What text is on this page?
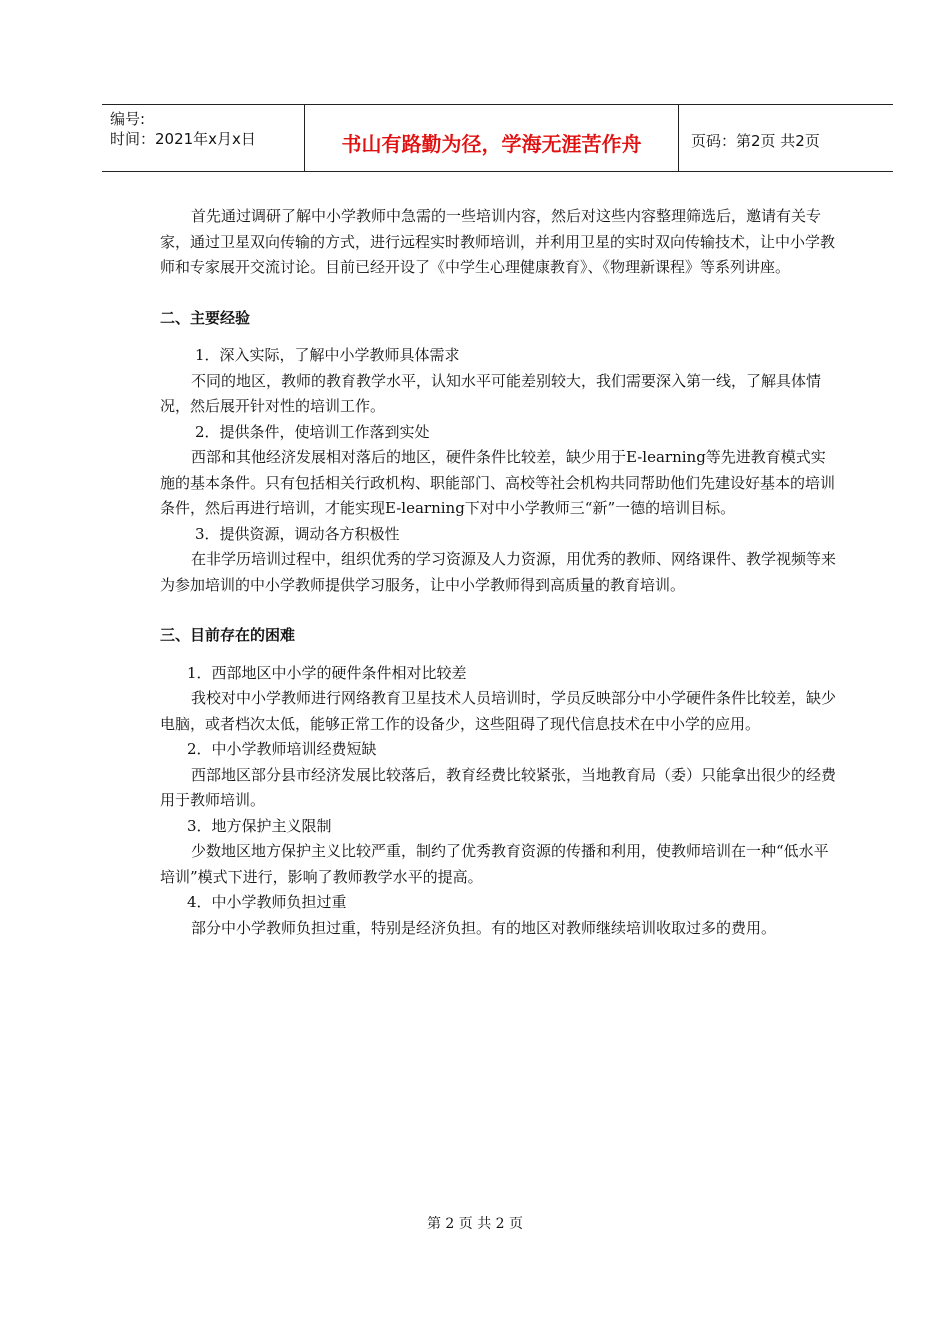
编号:
时间：2021年x月x日	书山有路勤为径，学海无涯苦作舟	页码：第2页 共2页

首先通过调研了解中小学教师中急需的一些培训内容，然后对这些内容整理筛选后，邀请有关专家，通过卫星双向传输的方式，进行远程实时教师培训，并利用卫星的实时双向传输技术，让中小学教师和专家展开交流讨论。目前已经开设了《中学生心理健康教育》、《物理新课程》等系列讲座。

二、主要经验

1．深入实际，了解中小学教师具体需求

不同的地区，教师的教育教学水平，认知水平可能差别较大，我们需要深入第一线，了解具体情况，然后展开针对性的培训工作。

2．提供条件，使培训工作落到实处

西部和其他经济发展相对落后的地区，硬件条件比较差，缺少用于E-learning等先进教育模式实施的基本条件。只有包括相关行政机构、职能部门、高校等社会机构共同帮助他们先建设好基本的培训条件，然后再进行培训，才能实现E-learning下对中小学教师三“新”一德的培训目标。

3．提供资源，调动各方积极性

在非学历培训过程中，组织优秀的学习资源及人力资源，用优秀的教师、网络课件、教学视频等来为参加培训的中小学教师提供学习服务，让中小学教师得到高质量的教育培训。

三、目前存在的困难

1．西部地区中小学的硬件条件相对比较差

我校对中小学教师进行网络教育卫星技术人员培训时，学员反映部分中小学硬件条件比较差，缺少电脑，或者档次太低，能够正常工作的设备少，这些阻碍了现代信息技术在中小学的应用。

2．中小学教师培训经费短缺

西部地区部分县市经济发展比较落后，教育经费比较紧张，当地教育局（委）只能拿出很少的经费用于教师培训。

3．地方保护主义限制

少数地区地方保护主义比较严重，制约了优秀教育资源的传播和利用，使教师培训在一种“低水平培训”模式下进行，影响了教师教学水平的提高。

4．中小学教师负担过重

部分中小学教师负担过重，特别是经济负担。有的地区对教师继续培训收取过多的费用。

第 2 页 共 2 页
